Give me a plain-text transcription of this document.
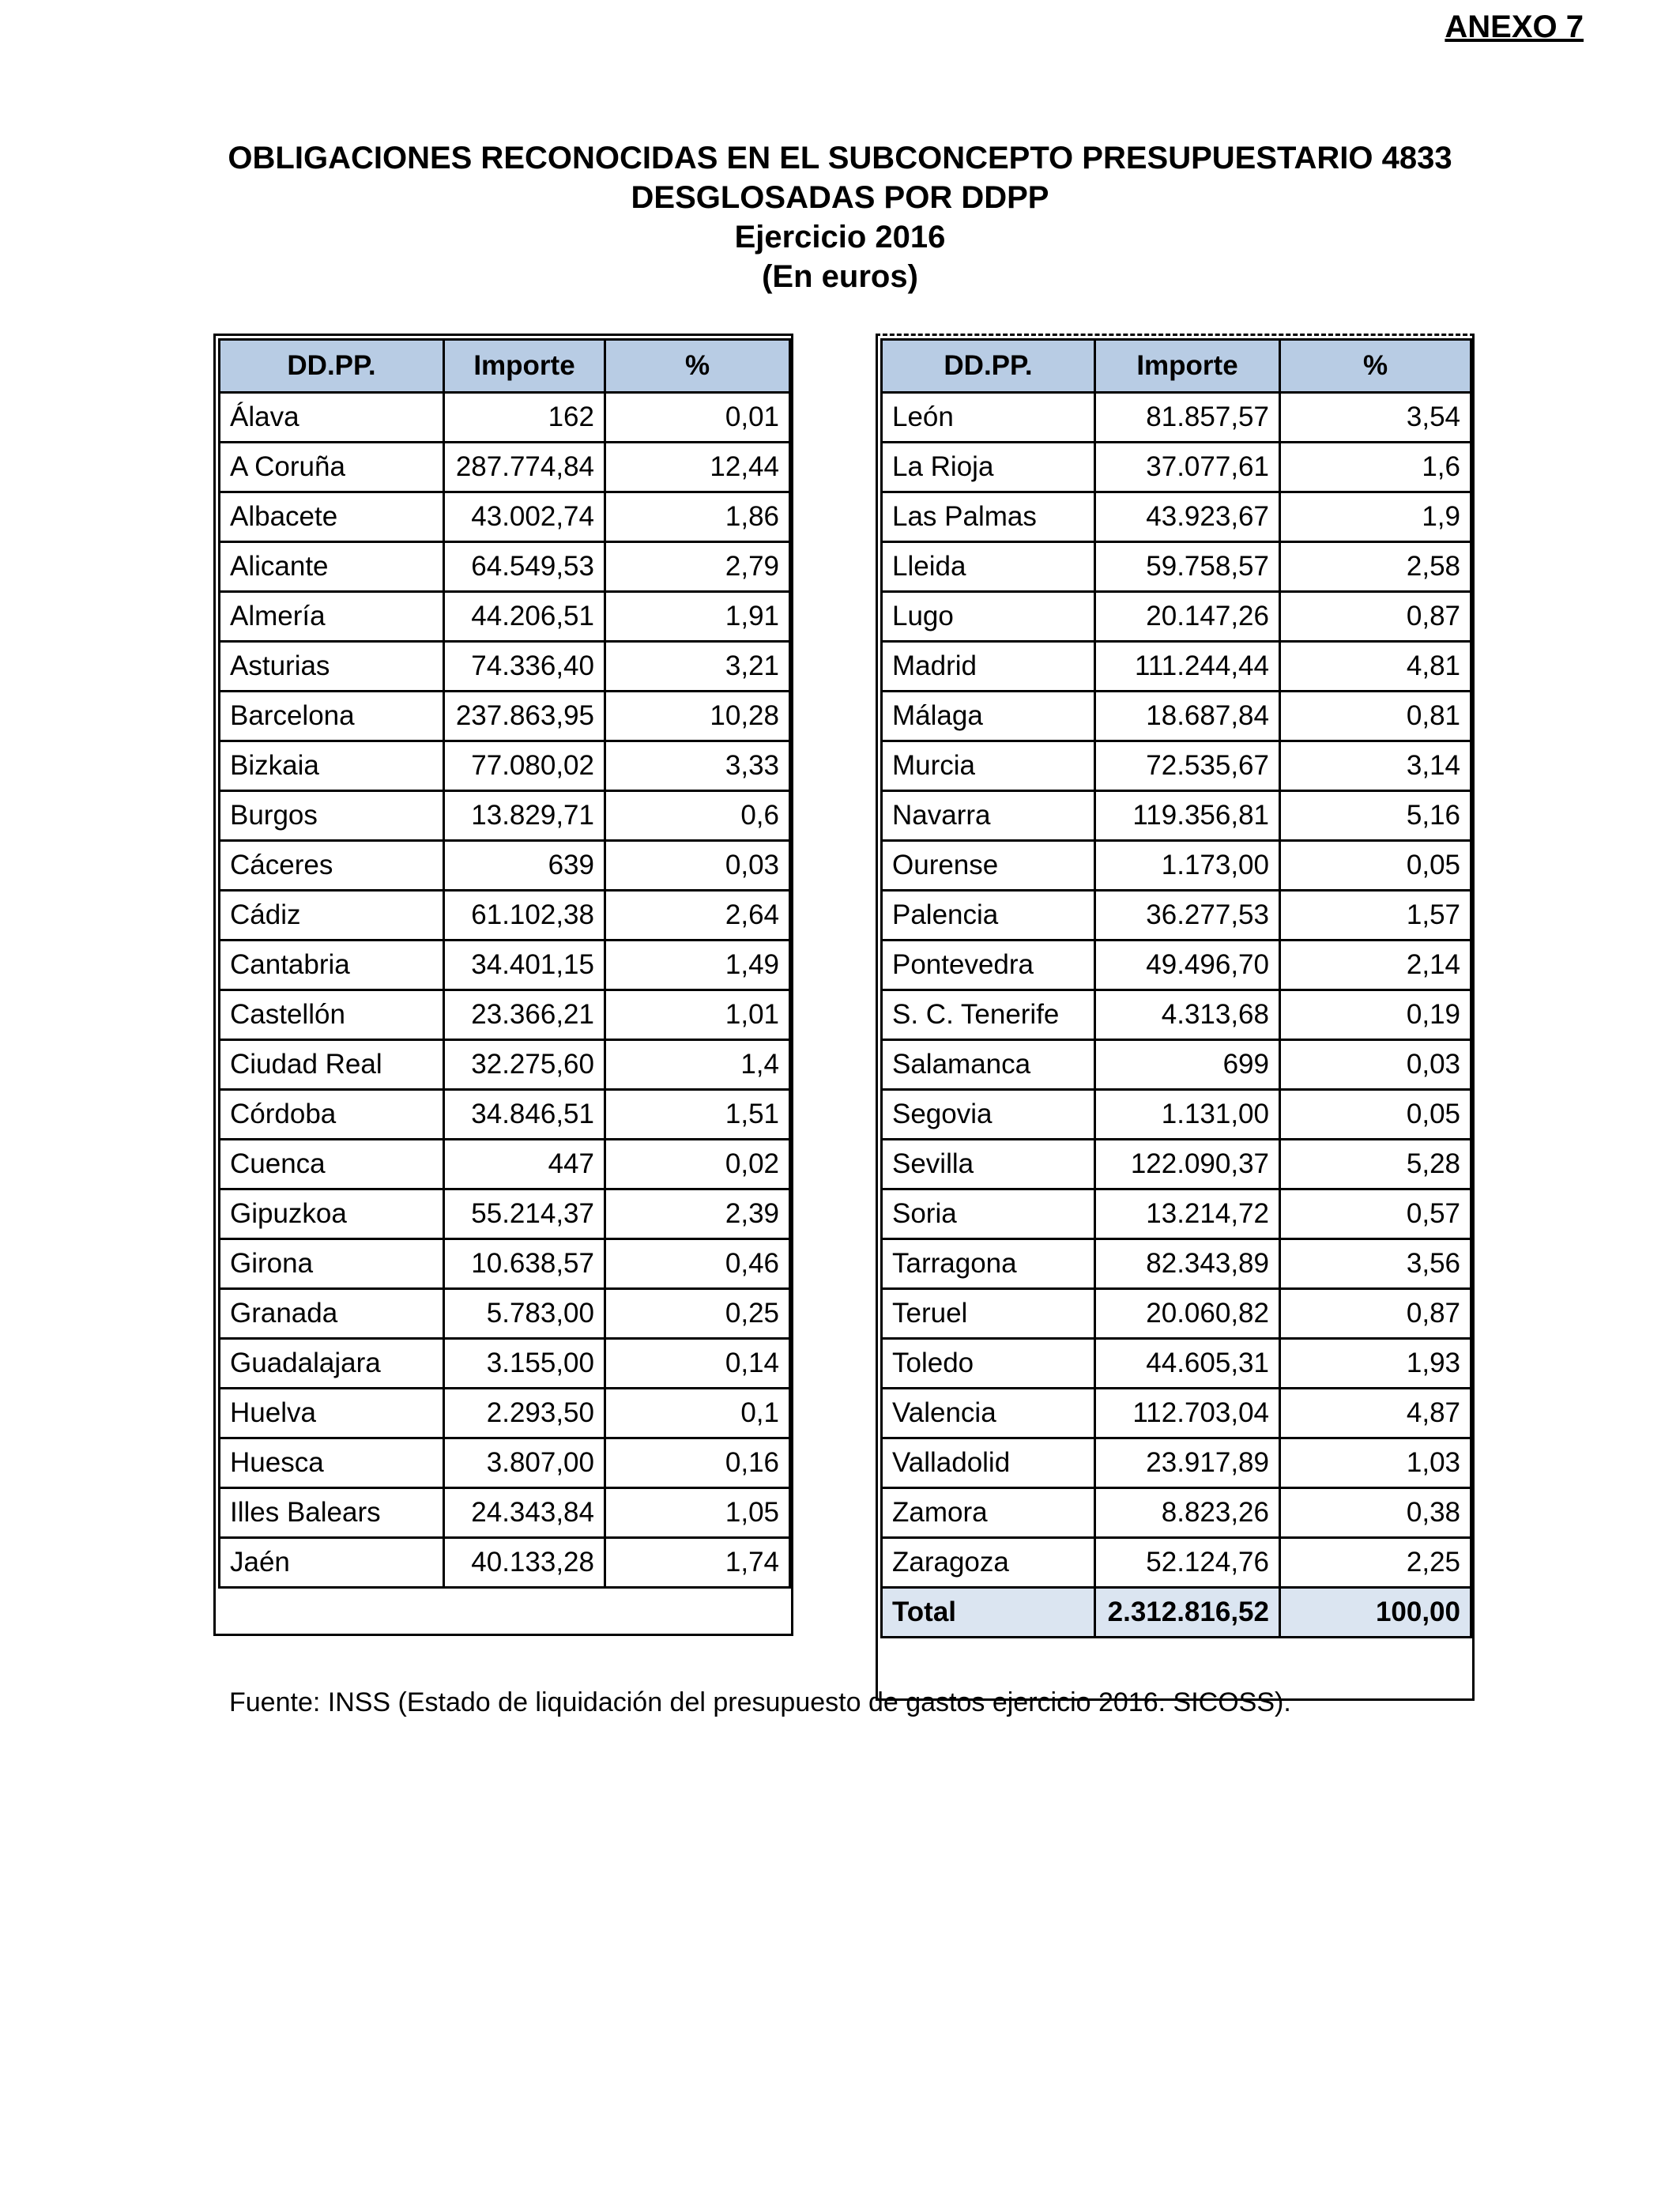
ANEXO 7
OBLIGACIONES RECONOCIDAS EN EL SUBCONCEPTO PRESUPUESTARIO 4833
DESGLOSADAS POR DDPP
Ejercicio 2016
(En euros)
DD.PP.	Importe	%
Álava	162	0,01
A Coruña	287.774,84	12,44
Albacete	43.002,74	1,86
Alicante	64.549,53	2,79
Almería	44.206,51	1,91
Asturias	74.336,40	3,21
Barcelona	237.863,95	10,28
Bizkaia	77.080,02	3,33
Burgos	13.829,71	0,6
Cáceres	639	0,03
Cádiz	61.102,38	2,64
Cantabria	34.401,15	1,49
Castellón	23.366,21	1,01
Ciudad Real	32.275,60	1,4
Córdoba	34.846,51	1,51
Cuenca	447	0,02
Gipuzkoa	55.214,37	2,39
Girona	10.638,57	0,46
Granada	5.783,00	0,25
Guadalajara	3.155,00	0,14
Huelva	2.293,50	0,1
Huesca	3.807,00	0,16
Illes Balears	24.343,84	1,05
Jaén	40.133,28	1,74
DD.PP.	Importe	%
León	81.857,57	3,54
La Rioja	37.077,61	1,6
Las Palmas	43.923,67	1,9
Lleida	59.758,57	2,58
Lugo	20.147,26	0,87
Madrid	111.244,44	4,81
Málaga	18.687,84	0,81
Murcia	72.535,67	3,14
Navarra	119.356,81	5,16
Ourense	1.173,00	0,05
Palencia	36.277,53	1,57
Pontevedra	49.496,70	2,14
S. C. Tenerife	4.313,68	0,19
Salamanca	699	0,03
Segovia	1.131,00	0,05
Sevilla	122.090,37	5,28
Soria	13.214,72	0,57
Tarragona	82.343,89	3,56
Teruel	20.060,82	0,87
Toledo	44.605,31	1,93
Valencia	112.703,04	4,87
Valladolid	23.917,89	1,03
Zamora	8.823,26	0,38
Zaragoza	52.124,76	2,25
Total	2.312.816,52	100,00
Fuente: INSS (Estado de liquidación del presupuesto de gastos ejercicio 2016. SICOSS).
